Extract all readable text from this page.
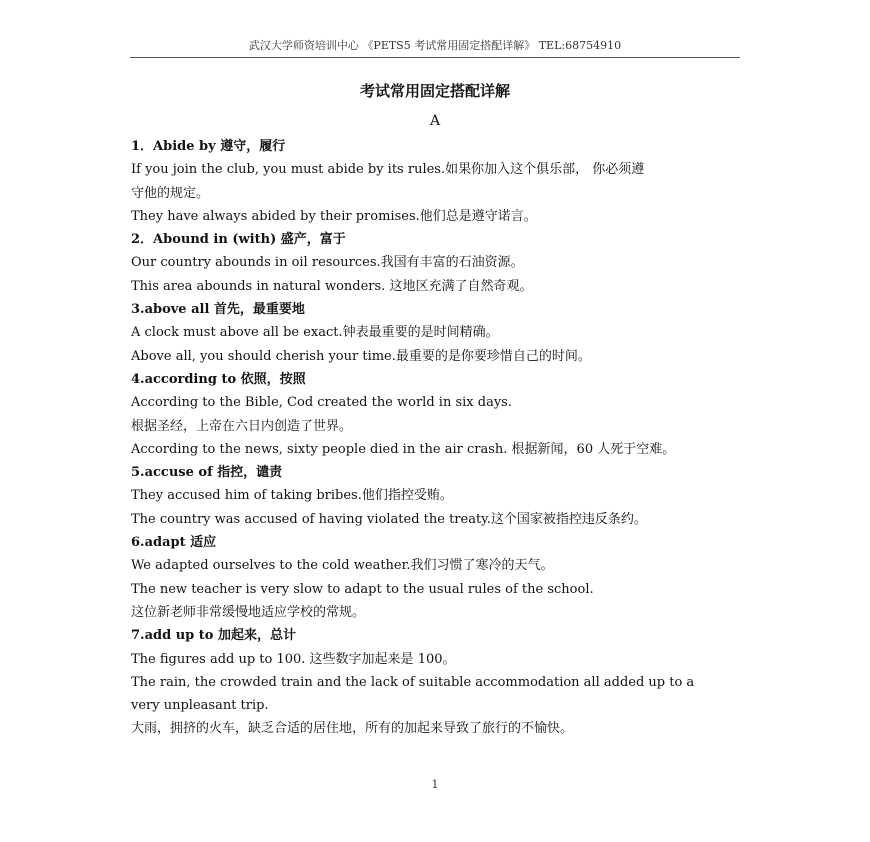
武汉大学师资培训中心 《PETS5 考试常用固定搭配详解》 TEL:68754910
考试常用固定搭配详解
A
1．Abide by 遵守，履行
If you join the club, you must abide by its rules.如果你加入这个俱乐部， 你必须遵
守他的规定。
They have always abided by their promises.他们总是遵守诺言。
2．Abound in (with) 盛产，富于
Our country abounds in oil resources.我国有丰富的石油资源。
This area abounds in natural wonders. 这地区充满了自然奇观。
3.above all 首先，最重要地
A clock must above all be exact.钟表最重要的是时间精确。
Above all, you should cherish your time.最重要的是你要珍惜自己的时间。
4.according to 依照，按照
According to the Bible, Cod created the world in six days.
根据圣经，上帝在六日内创造了世界。
According to the news, sixty people died in the air crash. 根据新闻，60 人死于空难。
5.accuse of 指控，谴责
They accused him of taking bribes.他们指控受贿。
The country was accused of having violated the treaty.这个国家被指控违反条约。
6.adapt 适应
We adapted ourselves to the cold weather.我们习惯了寒冷的天气。
The new teacher is very slow to adapt to the usual rules of the school.
这位新老师非常缓慢地适应学校的常规。
7.add up to 加起来，总计
The figures add up to 100. 这些数字加起来是 100。
The rain, the crowded train and the lack of suitable accommodation all added up to a
very unpleasant trip.
大雨，拥挤的火车，缺乏合适的居住地，所有的加起来导致了旅行的不愉快。
1
